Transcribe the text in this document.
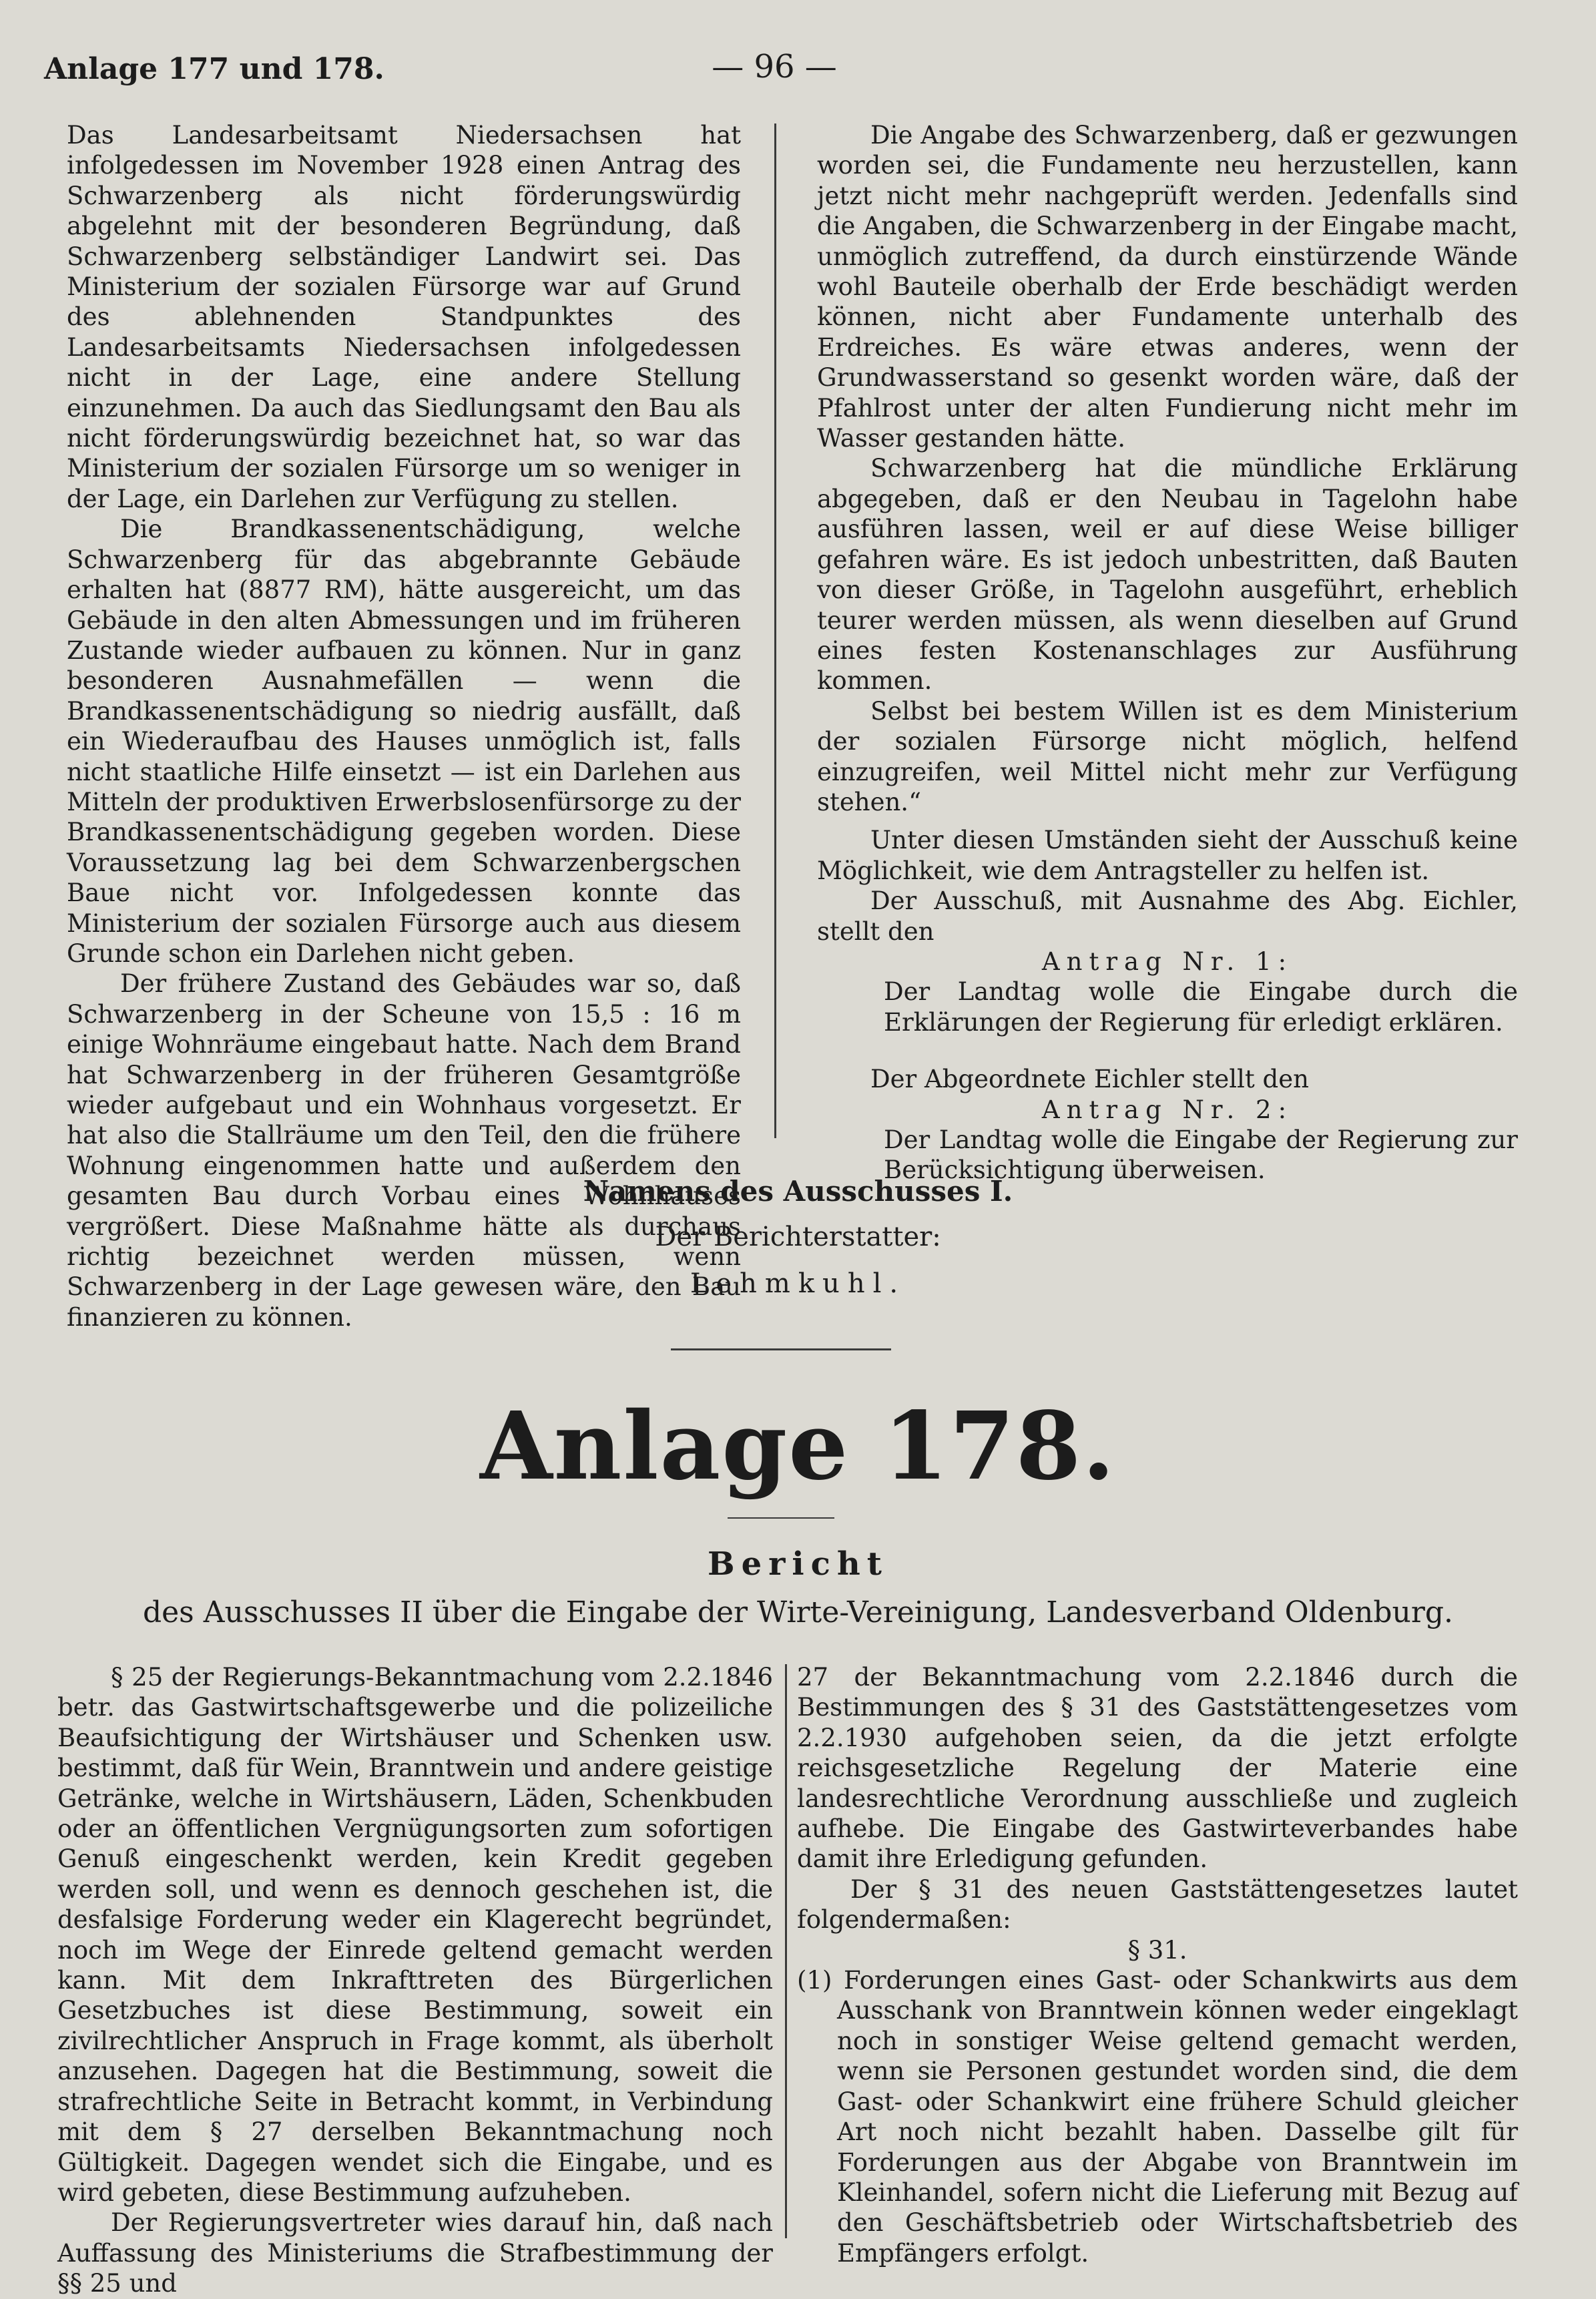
Anlage 177 und 178.	— 96 —

Das Landesarbeitsamt Niedersachsen hat infolgedessen im November 1928 einen Antrag des Schwarzenberg als nicht förderungswürdig abgelehnt mit der besonderen Begründung, daß Schwarzenberg selbständiger Landwirt sei. Das Ministerium der sozialen Fürsorge war auf Grund des ablehnenden Standpunktes des Landesarbeitsamts Niedersachsen infolgedessen nicht in der Lage, eine andere Stellung einzunehmen. Da auch das Siedlungsamt den Bau als nicht förderungswürdig bezeichnet hat, so war das Ministerium der sozialen Fürsorge um so weniger in der Lage, ein Darlehen zur Verfügung zu stellen.

Die Brandkassenentschädigung, welche Schwarzenberg für das abgebrannte Gebäude erhalten hat (8877 RM), hätte ausgereicht, um das Gebäude in den alten Abmessungen und im früheren Zustande wieder aufbauen zu können. Nur in ganz besonderen Ausnahmefällen — wenn die Brandkassenentschädigung so niedrig ausfällt, daß ein Wiederaufbau des Hauses unmöglich ist, falls nicht staatliche Hilfe einsetzt — ist ein Darlehen aus Mitteln der produktiven Erwerbslosenfürsorge zu der Brandkassenentschädigung gegeben worden. Diese Voraussetzung lag bei dem Schwarzenbergschen Baue nicht vor. Infolgedessen konnte das Ministerium der sozialen Fürsorge auch aus diesem Grunde schon ein Darlehen nicht geben.

Der frühere Zustand des Gebäudes war so, daß Schwarzenberg in der Scheune von 15,5 : 16 m einige Wohnräume eingebaut hatte. Nach dem Brand hat Schwarzenberg in der früheren Gesamtgröße wieder aufgebaut und ein Wohnhaus vorgesetzt. Er hat also die Stallräume um den Teil, den die frühere Wohnung eingenommen hatte und außerdem den gesamten Bau durch Vorbau eines Wohnhauses vergrößert. Diese Maßnahme hätte als durchaus richtig bezeichnet werden müssen, wenn Schwarzenberg in der Lage gewesen wäre, den Bau finanzieren zu können.

Die Angabe des Schwarzenberg, daß er gezwungen worden sei, die Fundamente neu herzustellen, kann jetzt nicht mehr nachgeprüft werden. Jedenfalls sind die Angaben, die Schwarzenberg in der Eingabe macht, unmöglich zutreffend, da durch einstürzende Wände wohl Bauteile oberhalb der Erde beschädigt werden können, nicht aber Fundamente unterhalb des Erdreiches. Es wäre etwas anderes, wenn der Grundwasserstand so gesenkt worden wäre, daß der Pfahlrost unter der alten Fundierung nicht mehr im Wasser gestanden hätte.

Schwarzenberg hat die mündliche Erklärung abgegeben, daß er den Neubau in Tagelohn habe ausführen lassen, weil er auf diese Weise billiger gefahren wäre. Es ist jedoch unbestritten, daß Bauten von dieser Größe, in Tagelohn ausgeführt, erheblich teurer werden müssen, als wenn dieselben auf Grund eines festen Kostenanschlages zur Ausführung kommen.

Selbst bei bestem Willen ist es dem Ministerium der sozialen Fürsorge nicht möglich, helfend einzugreifen, weil Mittel nicht mehr zur Verfügung stehen.“

Unter diesen Umständen sieht der Ausschuß keine Möglichkeit, wie dem Antragsteller zu helfen ist.

Der Ausschuß, mit Ausnahme des Abg. Eichler, stellt den

Antrag Nr. 1:

Der Landtag wolle die Eingabe durch die Erklärungen der Regierung für erledigt erklären.

Der Abgeordnete Eichler stellt den

Antrag Nr. 2:

Der Landtag wolle die Eingabe der Regierung zur Berücksichtigung überweisen.

Namens des Ausschusses I.
Der Berichterstatter:
Lehmkuhl.
Anlage 178.
Bericht
des Ausschusses II über die Eingabe der Wirte-Vereinigung, Landesverband Oldenburg.

§ 25 der Regierungs-Bekanntmachung vom 2.2.1846 betr. das Gastwirtschaftsgewerbe und die polizeiliche Beaufsichtigung der Wirtshäuser und Schenken usw. bestimmt, daß für Wein, Branntwein und andere geistige Getränke, welche in Wirtshäusern, Läden, Schenkbuden oder an öffentlichen Vergnügungsorten zum sofortigen Genuß eingeschenkt werden, kein Kredit gegeben werden soll, und wenn es dennoch geschehen ist, die desfalsige Forderung weder ein Klagerecht begründet, noch im Wege der Einrede geltend gemacht werden kann. Mit dem Inkrafttreten des Bürgerlichen Gesetzbuches ist diese Bestimmung, soweit ein zivilrechtlicher Anspruch in Frage kommt, als überholt anzusehen. Dagegen hat die Bestimmung, soweit die strafrechtliche Seite in Betracht kommt, in Verbindung mit dem § 27 derselben Bekanntmachung noch Gültigkeit. Dagegen wendet sich die Eingabe, und es wird gebeten, diese Bestimmung aufzuheben.

Der Regierungsvertreter wies darauf hin, daß nach Auffassung des Ministeriums die Strafbestimmung der §§ 25 und

27 der Bekanntmachung vom 2.2.1846 durch die Bestimmungen des § 31 des Gaststättengesetzes vom 2.2.1930 aufgehoben seien, da die jetzt erfolgte reichsgesetzliche Regelung der Materie eine landesrechtliche Verordnung ausschließe und zugleich aufhebe. Die Eingabe des Gastwirteverbandes habe damit ihre Erledigung gefunden.

Der § 31 des neuen Gaststättengesetzes lautet folgendermaßen:

§ 31.

(1) Forderungen eines Gast- oder Schankwirts aus dem Ausschank von Branntwein können weder eingeklagt noch in sonstiger Weise geltend gemacht werden, wenn sie Personen gestundet worden sind, die dem Gast- oder Schankwirt eine frühere Schuld gleicher Art noch nicht bezahlt haben. Dasselbe gilt für Forderungen aus der Abgabe von Branntwein im Kleinhandel, sofern nicht die Lieferung mit Bezug auf den Geschäftsbetrieb oder Wirtschaftsbetrieb des Empfängers erfolgt.
